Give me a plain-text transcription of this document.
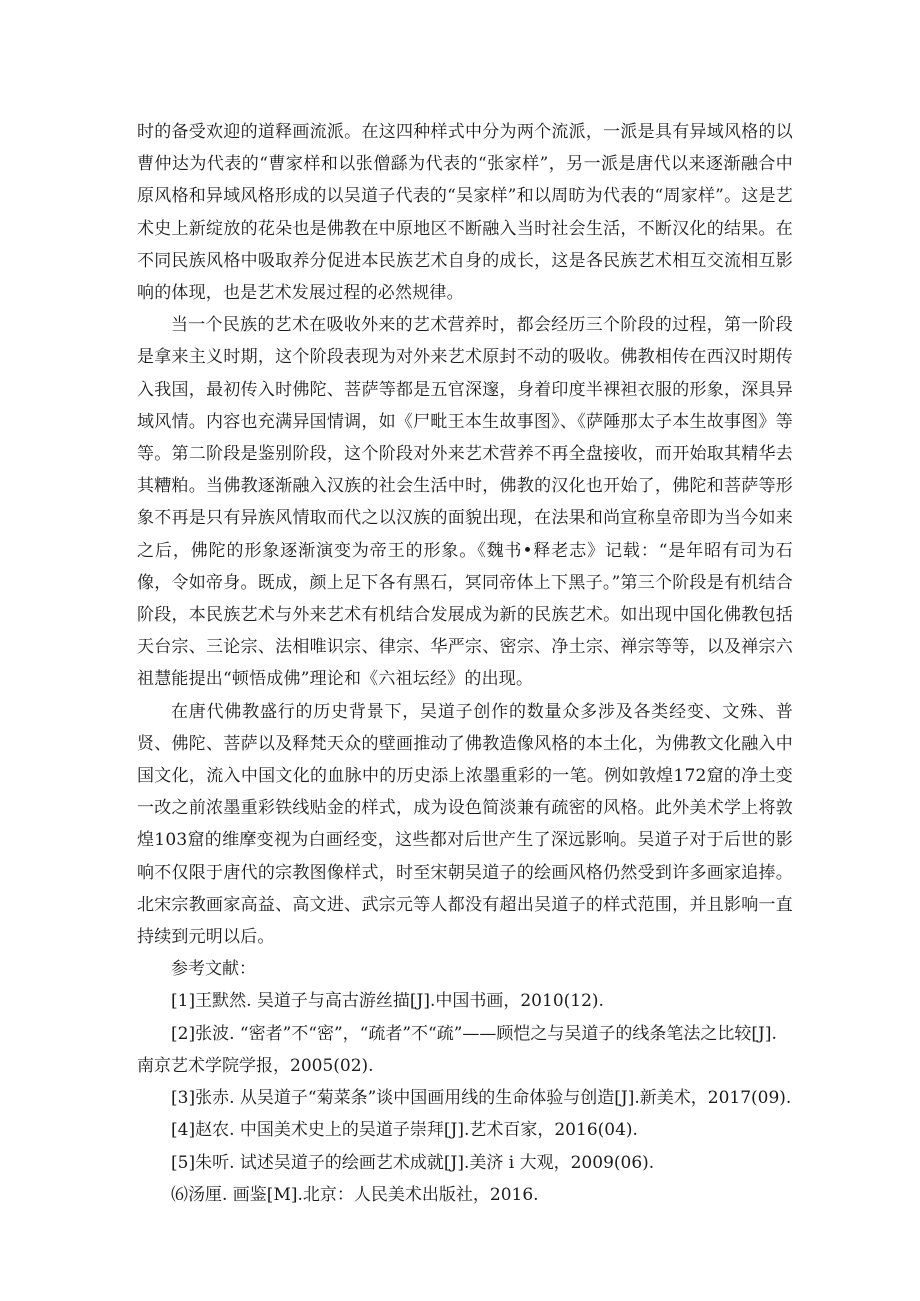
时的备受欢迎的道释画流派。在这四种样式中分为两个流派，一派是具有异域风格的以曹仲达为代表的“曹家样和以张僧繇为代表的“张家样”，另一派是唐代以来逐渐融合中原风格和异域风格形成的以吴道子代表的“吴家样”和以周昉为代表的“周家样”。这是艺术史上新绽放的花朵也是佛教在中原地区不断融入当时社会生活，不断汉化的结果。在不同民族风格中吸取养分促进本民族艺术自身的成长，这是各民族艺术相互交流相互影响的体现，也是艺术发展过程的必然规律。

当一个民族的艺术在吸收外来的艺术营养时，都会经历三个阶段的过程，第一阶段是拿来主义时期，这个阶段表现为对外来艺术原封不动的吸收。佛教相传在西汉时期传入我国，最初传入时佛陀、菩萨等都是五官深邃，身着印度半裸袒衣服的形象，深具异域风情。内容也充满异国情调，如《尸毗王本生故事图》、《萨陲那太子本生故事图》等等。第二阶段是鉴别阶段，这个阶段对外来艺术营养不再全盘接收，而开始取其精华去其糟粕。当佛教逐渐融入汉族的社会生活中时，佛教的汉化也开始了，佛陀和菩萨等形象不再是只有异族风情取而代之以汉族的面貌出现，在法果和尚宣称皇帝即为当今如来之后，佛陀的形象逐渐演变为帝王的形象。《魏书•释老志》记载：“是年昭有司为石像，令如帝身。既成，颜上足下各有黑石，冥同帝体上下黑子。”第三个阶段是有机结合阶段，本民族艺术与外来艺术有机结合发展成为新的民族艺术。如出现中国化佛教包括天台宗、三论宗、法相唯识宗、律宗、华严宗、密宗、净土宗、禅宗等等，以及禅宗六祖慧能提出“顿悟成佛”理论和《六祖坛经》的出现。

在唐代佛教盛行的历史背景下，吴道子创作的数量众多涉及各类经变、文殊、普贤、佛陀、菩萨以及释梵天众的壁画推动了佛教造像风格的本土化，为佛教文化融入中国文化，流入中国文化的血脉中的历史添上浓墨重彩的一笔。例如敦煌172窟的净土变一改之前浓墨重彩铁线贴金的样式，成为设色简淡兼有疏密的风格。此外美术学上将敦煌103窟的维摩变视为白画经变，这些都对后世产生了深远影响。吴道子对于后世的影响不仅限于唐代的宗教图像样式，时至宋朝吴道子的绘画风格仍然受到许多画家追捧。北宋宗教画家高益、高文进、武宗元等人都没有超出吴道子的样式范围，并且影响一直持续到元明以后。

参考文献：

[1]王默然. 吴道子与高古游丝描[J].中国书画，2010(12).

[2]张波. “密者”不“密”，“疏者”不“疏”——顾恺之与吴道子的线条笔法之比较[J].南京艺术学院学报，2005(02).

[3]张赤. 从吴道子“菊菜条”谈中国画用线的生命体验与创造[J].新美术，2017(09).

[4]赵农. 中国美术史上的吴道子崇拜[J].艺术百家，2016(04).

[5]朱听. 试述吴道子的绘画艺术成就[J].美济 i 大观，2009(06).

⑹汤厘. 画鉴[M].北京：人民美术出版社，2016.
